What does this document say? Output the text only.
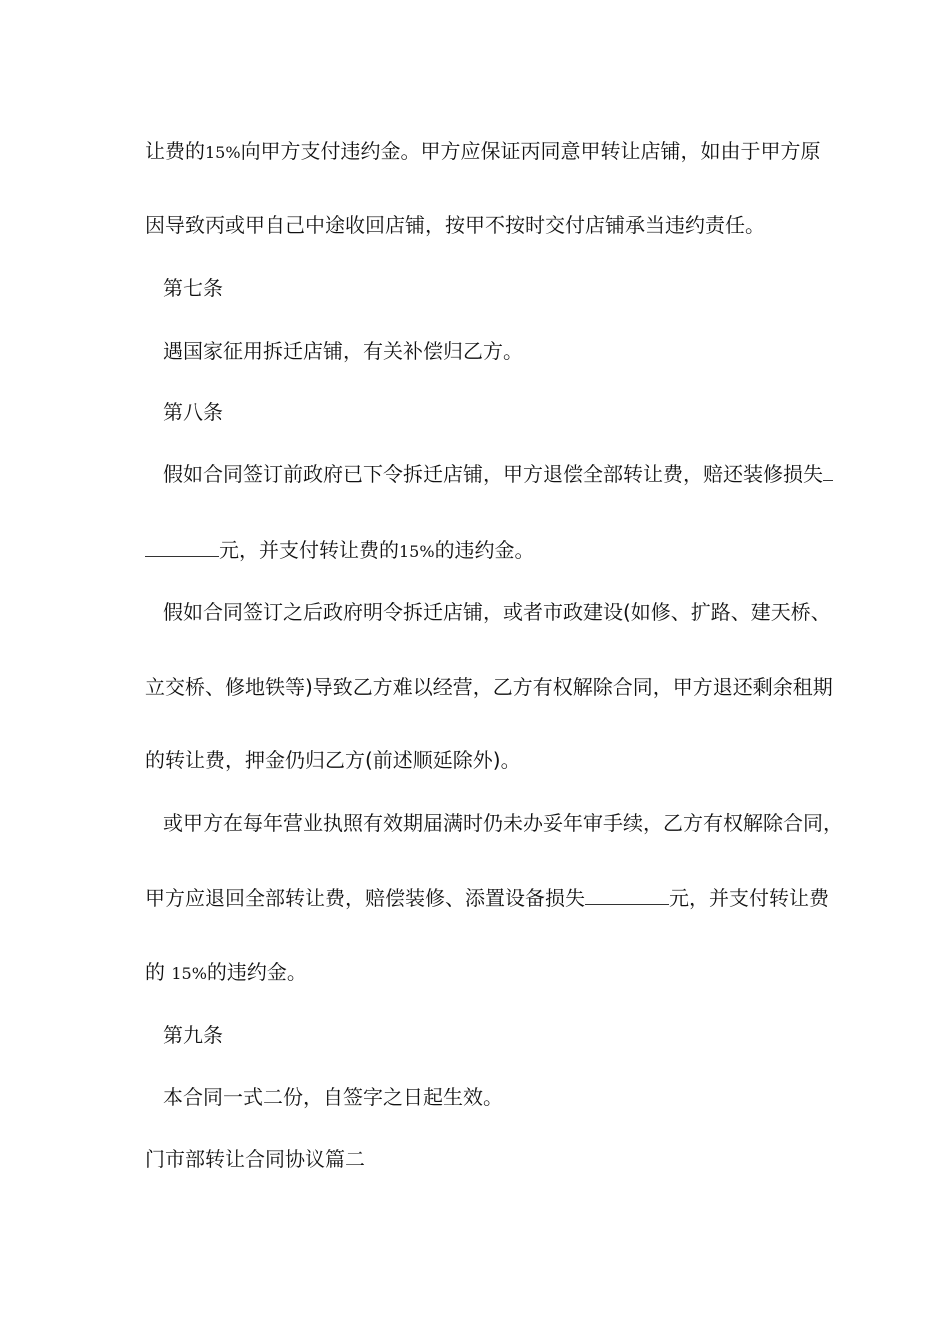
让费的15%向甲方支付违约金。甲方应保证丙同意甲转让店铺，如由于甲方原
因导致丙或甲自己中途收回店铺，按甲不按时交付店铺承当违约责任。
第七条
遇国家征用拆迁店铺，有关补偿归乙方。
第八条
假如合同签订前政府已下令拆迁店铺，甲方退偿全部转让费，赔还装修损失
元，并支付转让费的15%的违约金。
假如合同签订之后政府明令拆迁店铺，或者市政建设(如修、扩路、建天桥、
立交桥、修地铁等)导致乙方难以经营，乙方有权解除合同，甲方退还剩余租期
的转让费，押金仍归乙方(前述顺延除外)。
或甲方在每年营业执照有效期届满时仍未办妥年审手续，乙方有权解除合同，
甲方应退回全部转让费，赔偿装修、添置设备损失	元，并支付转让费
的 15%的违约金。
第九条
本合同一式二份，自签字之日起生效。
门市部转让合同协议篇二
